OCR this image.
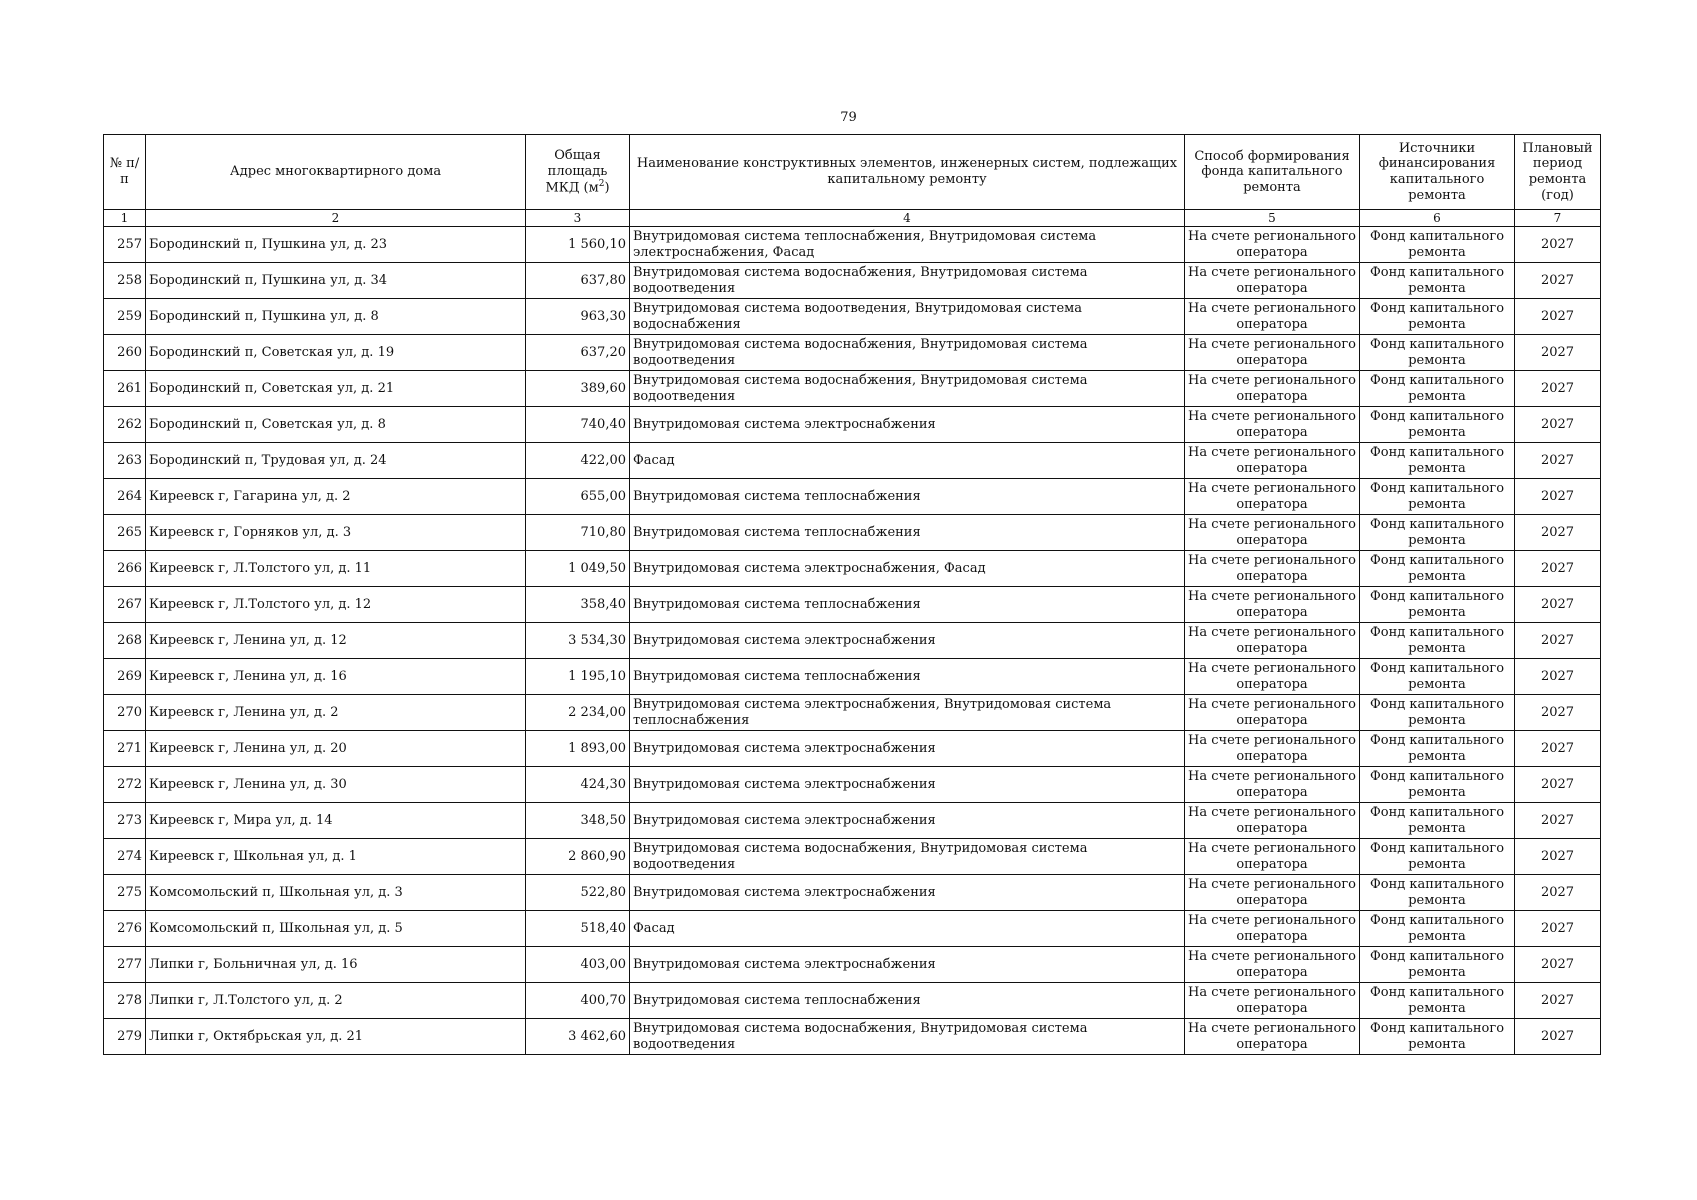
79
№ п/п	Адрес многоквартирного дома	Общая площадь МКД $(м^2)$	Наименование конструктивных элементов, инженерных систем, подлежащих капитальному ремонту	Способ формирования фонда капитального ремонта	Источники финансирования капитального ремонта	Плановый период ремонта (год)
1	2	3	4	5	6	7
257	Бородинский п, Пушкина ул, д. 23	1 560,10	Внутридомовая система теплоснабжения, Внутридомовая система электроснабжения, Фасад	На счете регионального оператора	Фонд капитального ремонта	2027
258	Бородинский п, Пушкина ул, д. 34	637,80	Внутридомовая система водоснабжения, Внутридомовая система водоотведения	На счете регионального оператора	Фонд капитального ремонта	2027
259	Бородинский п, Пушкина ул, д. 8	963,30	Внутридомовая система водоотведения, Внутридомовая система водоснабжения	На счете регионального оператора	Фонд капитального ремонта	2027
260	Бородинский п, Советская ул, д. 19	637,20	Внутридомовая система водоснабжения, Внутридомовая система водоотведения	На счете регионального оператора	Фонд капитального ремонта	2027
261	Бородинский п, Советская ул, д. 21	389,60	Внутридомовая система водоснабжения, Внутридомовая система водоотведения	На счете регионального оператора	Фонд капитального ремонта	2027
262	Бородинский п, Советская ул, д. 8	740,40	Внутридомовая система электроснабжения	На счете регионального оператора	Фонд капитального ремонта	2027
263	Бородинский п, Трудовая ул, д. 24	422,00	Фасад	На счете регионального оператора	Фонд капитального ремонта	2027
264	Киреевск г, Гагарина ул, д. 2	655,00	Внутридомовая система теплоснабжения	На счете регионального оператора	Фонд капитального ремонта	2027
265	Киреевск г, Горняков ул, д. 3	710,80	Внутридомовая система теплоснабжения	На счете регионального оператора	Фонд капитального ремонта	2027
266	Киреевск г, Л.Толстого ул, д. 11	1 049,50	Внутридомовая система электроснабжения, Фасад	На счете регионального оператора	Фонд капитального ремонта	2027
267	Киреевск г, Л.Толстого ул, д. 12	358,40	Внутридомовая система теплоснабжения	На счете регионального оператора	Фонд капитального ремонта	2027
268	Киреевск г, Ленина ул, д. 12	3 534,30	Внутридомовая система электроснабжения	На счете регионального оператора	Фонд капитального ремонта	2027
269	Киреевск г, Ленина ул, д. 16	1 195,10	Внутридомовая система теплоснабжения	На счете регионального оператора	Фонд капитального ремонта	2027
270	Киреевск г, Ленина ул, д. 2	2 234,00	Внутридомовая система электроснабжения, Внутридомовая система теплоснабжения	На счете регионального оператора	Фонд капитального ремонта	2027
271	Киреевск г, Ленина ул, д. 20	1 893,00	Внутридомовая система электроснабжения	На счете регионального оператора	Фонд капитального ремонта	2027
272	Киреевск г, Ленина ул, д. 30	424,30	Внутридомовая система электроснабжения	На счете регионального оператора	Фонд капитального ремонта	2027
273	Киреевск г, Мира ул, д. 14	348,50	Внутридомовая система электроснабжения	На счете регионального оператора	Фонд капитального ремонта	2027
274	Киреевск г, Школьная ул, д. 1	2 860,90	Внутридомовая система водоснабжения, Внутридомовая система водоотведения	На счете регионального оператора	Фонд капитального ремонта	2027
275	Комсомольский п, Школьная ул, д. 3	522,80	Внутридомовая система электроснабжения	На счете регионального оператора	Фонд капитального ремонта	2027
276	Комсомольский п, Школьная ул, д. 5	518,40	Фасад	На счете регионального оператора	Фонд капитального ремонта	2027
277	Липки г, Больничная ул, д. 16	403,00	Внутридомовая система электроснабжения	На счете регионального оператора	Фонд капитального ремонта	2027
278	Липки г, Л.Толстого ул, д. 2	400,70	Внутридомовая система теплоснабжения	На счете регионального оператора	Фонд капитального ремонта	2027
279	Липки г, Октябрьская ул, д. 21	3 462,60	Внутридомовая система водоснабжения, Внутридомовая система водоотведения	На счете регионального оператора	Фонд капитального ремонта	2027
